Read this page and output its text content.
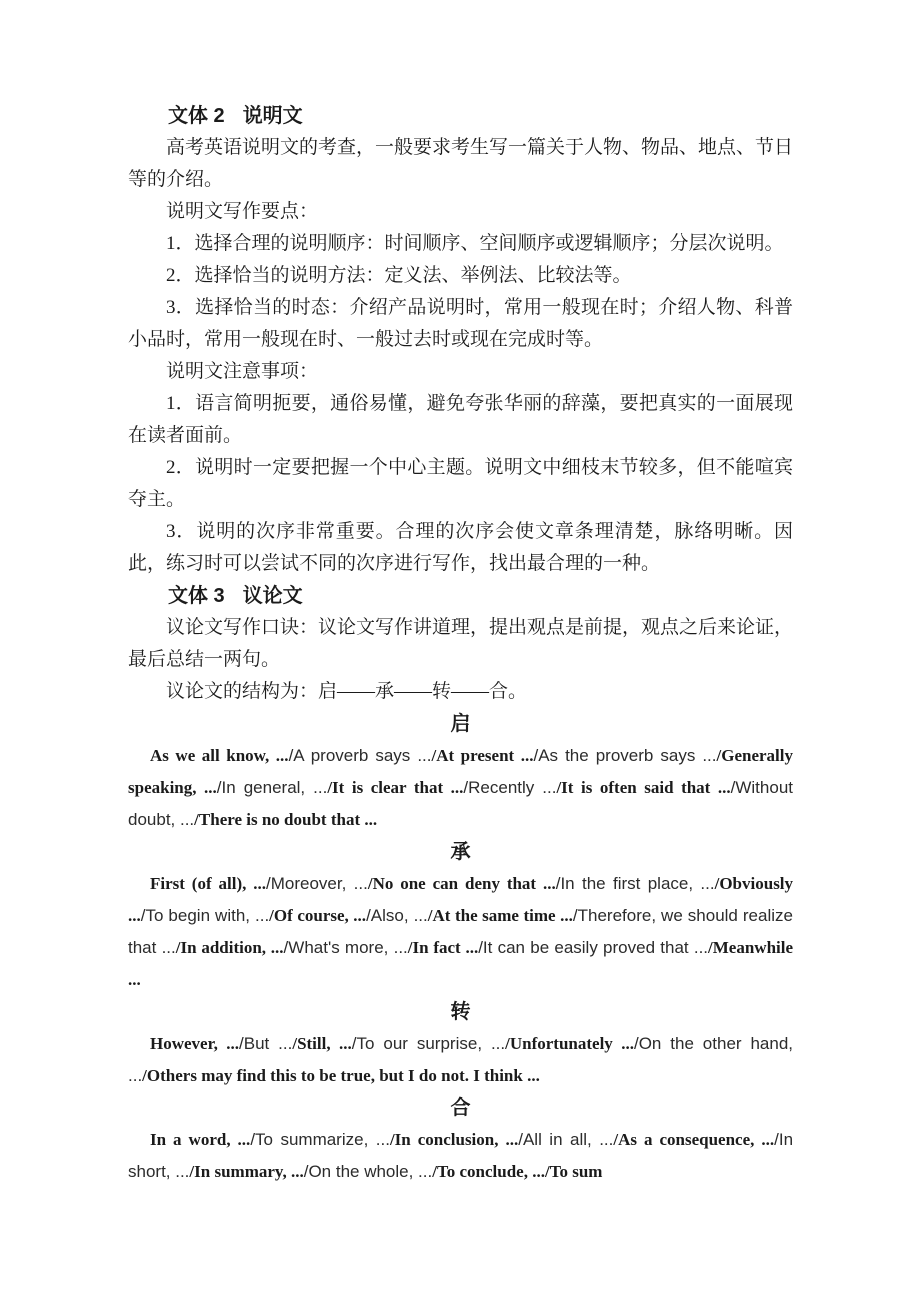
文体 2 说明文

高考英语说明文的考查，一般要求考生写一篇关于人物、物品、地点、节日等的介绍。

说明文写作要点：

1．选择合理的说明顺序：时间顺序、空间顺序或逻辑顺序；分层次说明。

2．选择恰当的说明方法：定义法、举例法、比较法等。

3．选择恰当的时态：介绍产品说明时，常用一般现在时；介绍人物、科普小品时，常用一般现在时、一般过去时或现在完成时等。

说明文注意事项：

1．语言简明扼要，通俗易懂，避免夸张华丽的辞藻，要把真实的一面展现在读者面前。

2．说明时一定要把握一个中心主题。说明文中细枝末节较多，但不能喧宾夺主。

3．说明的次序非常重要。合理的次序会使文章条理清楚，脉络明晰。因此，练习时可以尝试不同的次序进行写作，找出最合理的一种。

文体 3 议论文

议论文写作口诀：议论文写作讲道理，提出观点是前提，观点之后来论证，最后总结一两句。

议论文的结构为：启——承——转——合。

启

As we all know, .../A proverb says .../At present .../As the proverb says .../Generally speaking, .../In general, .../It is clear that .../Recently .../It is often said that .../Without doubt, .../There is no doubt that ...

承

First (of all), .../Moreover, .../No one can deny that .../In the first place, .../Obviously .../To begin with, .../Of course, .../Also, .../At the same time .../Therefore, we should realize that .../In addition, .../What's more, .../In fact .../It can be easily proved that .../Meanwhile ...

转

However, .../But .../Still, .../To our surprise, .../Unfortunately .../On the other hand, .../Others may find this to be true, but I do not. I think ...

合

In a word, .../To summarize, .../In conclusion, .../All in all, .../As a consequence, .../In short, .../In summary, .../On the whole, .../To conclude, .../To sum
